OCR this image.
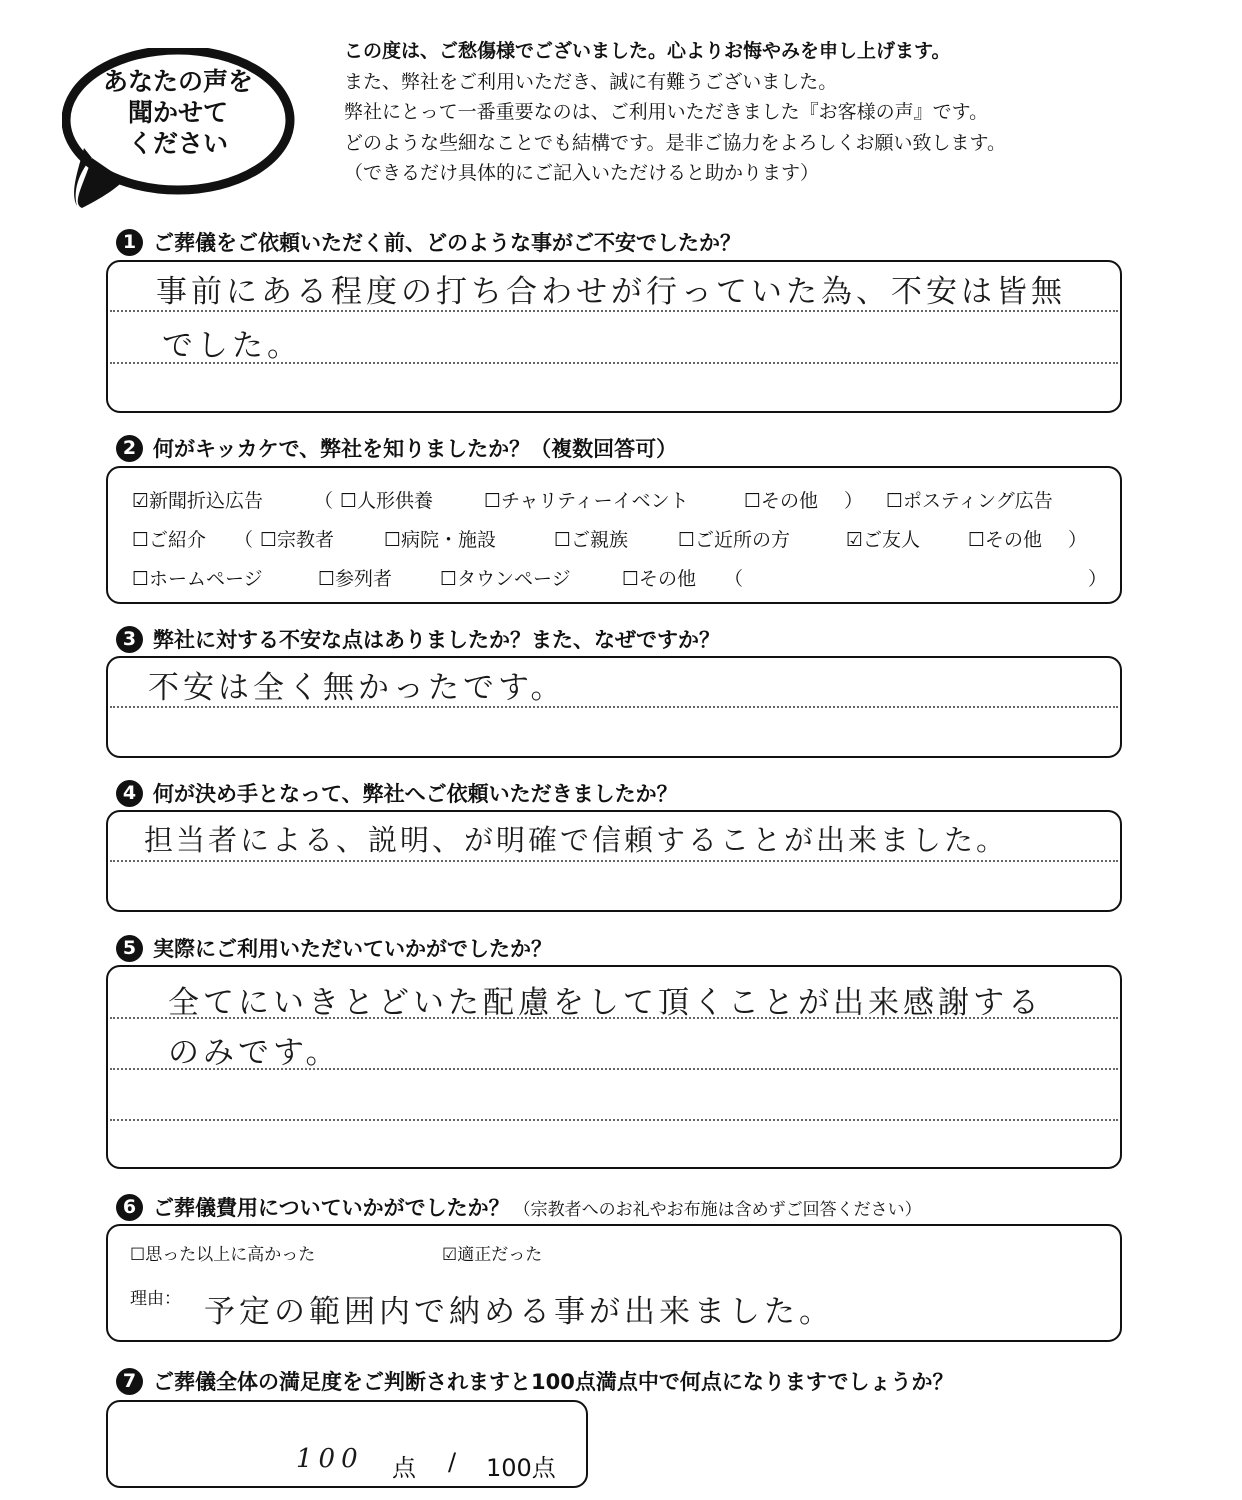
あなたの声を
聞かせて
ください
この度は、ご愁傷様でございました。心よりお悔やみを申し上げます。
また、弊社をご利用いただき、誠に有難うございました。
弊社にとって一番重要なのは、ご利用いただきました『お客様の声』です。
どのような些細なことでも結構です。是非ご協力をよろしくお願い致します。
（できるだけ具体的にご記入いただけると助かります）
1 ご葬儀をご依頼いただく前、どのような事がご不安でしたか？
事前にある程度の打ち合わせが行っていた為、不安は皆無
でした。
2 何がキッカケで、弊社を知りましたか？（複数回答可）
☑新聞折込広告	（ ☐人形供養	☐チャリティーイベント	☐その他 ） ☐ポスティング広告
☐ご紹介 （ ☐宗教者	☐病院・施設	☐ご親族	☐ご近所の方	☑ご友人	☐その他 ）
☐ホームページ	☐参列者	☐タウンページ	☐その他 （	）
3 弊社に対する不安な点はありましたか？また、なぜですか？
不安は全く無かったです。
4 何が決め手となって、弊社へご依頼いただきましたか？
担当者による、説明、が明確で信頼することが出来ました。
5 実際にご利用いただいていかがでしたか？
全てにいきとどいた配慮をして頂くことが出来感謝する
のみです。
6 ご葬儀費用についていかがでしたか？ （宗教者へのお礼やお布施は含めずご回答ください）
☐思った以上に高かった	☑適正だった
理由： 予定の範囲内で納める事が出来ました。
7 ご葬儀全体の満足度をご判断されますと100点満点中で何点になりますでしょうか？
100 点 / 100点
